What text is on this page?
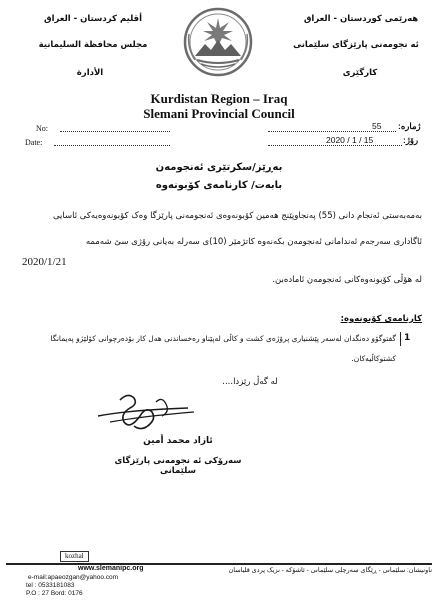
أقليم كردستان - العراق
مجلس محافظة السليمانية
الأدارة
هەرێمی کوردستان - العراق
ئە نجومەنی پارێزگای سلێمانی
کارگێری
Kurdistan Region – Iraq
Slemani Provincial Council
No:
Date:
ژمارە:
55
رۆژ:
2020 / 1 / 15
بەڕێز/سکرتێری ئەنجومەن
بابەت/ کارنامەی کۆبونەوە
بەمەبەستی ئەنجام دانی (55) پەنجاوپێنج هەمین کۆبونەوەی ئەنجومەنی پارێزگا وەک کۆبونەوەیەکی ئاسایی
ئاگاداری سەرجەم ئەندامانی ئەنجومەن بکەنەوە کاتژمێر (10)ی سەرلە بەیانی رۆژی سێ شەممە
2020/1/21
لە هۆڵی کۆبونەوەکانی ئەنجومەن ئامادەبن.
کارنامەی کۆبونەوە:
1
گفتوگۆو دەنگدان لەسەر پێشنیاری پرۆژەی کشت و کاڵی لەپێناو رەخساندنی هەل کار بۆدەرچوانی کۆلێژو پەیمانگا
کشتوکاڵیەکان.
لە گەڵ رێزدا....
ئازاد محمد أمين
سەرۆکی ئە نجومەنی پارێزگای سلێمانی
kozhal
www.slemanipc.org
e-mail:apaeozgan@yahoo.com
tel : 0533181083
P.O : 27 Bord: 0176
ناونیشان: سلێمانی - ڕێگای سەرچلی سلێمانی - ئاشۆکە - نزیک پردی قلیاسان
